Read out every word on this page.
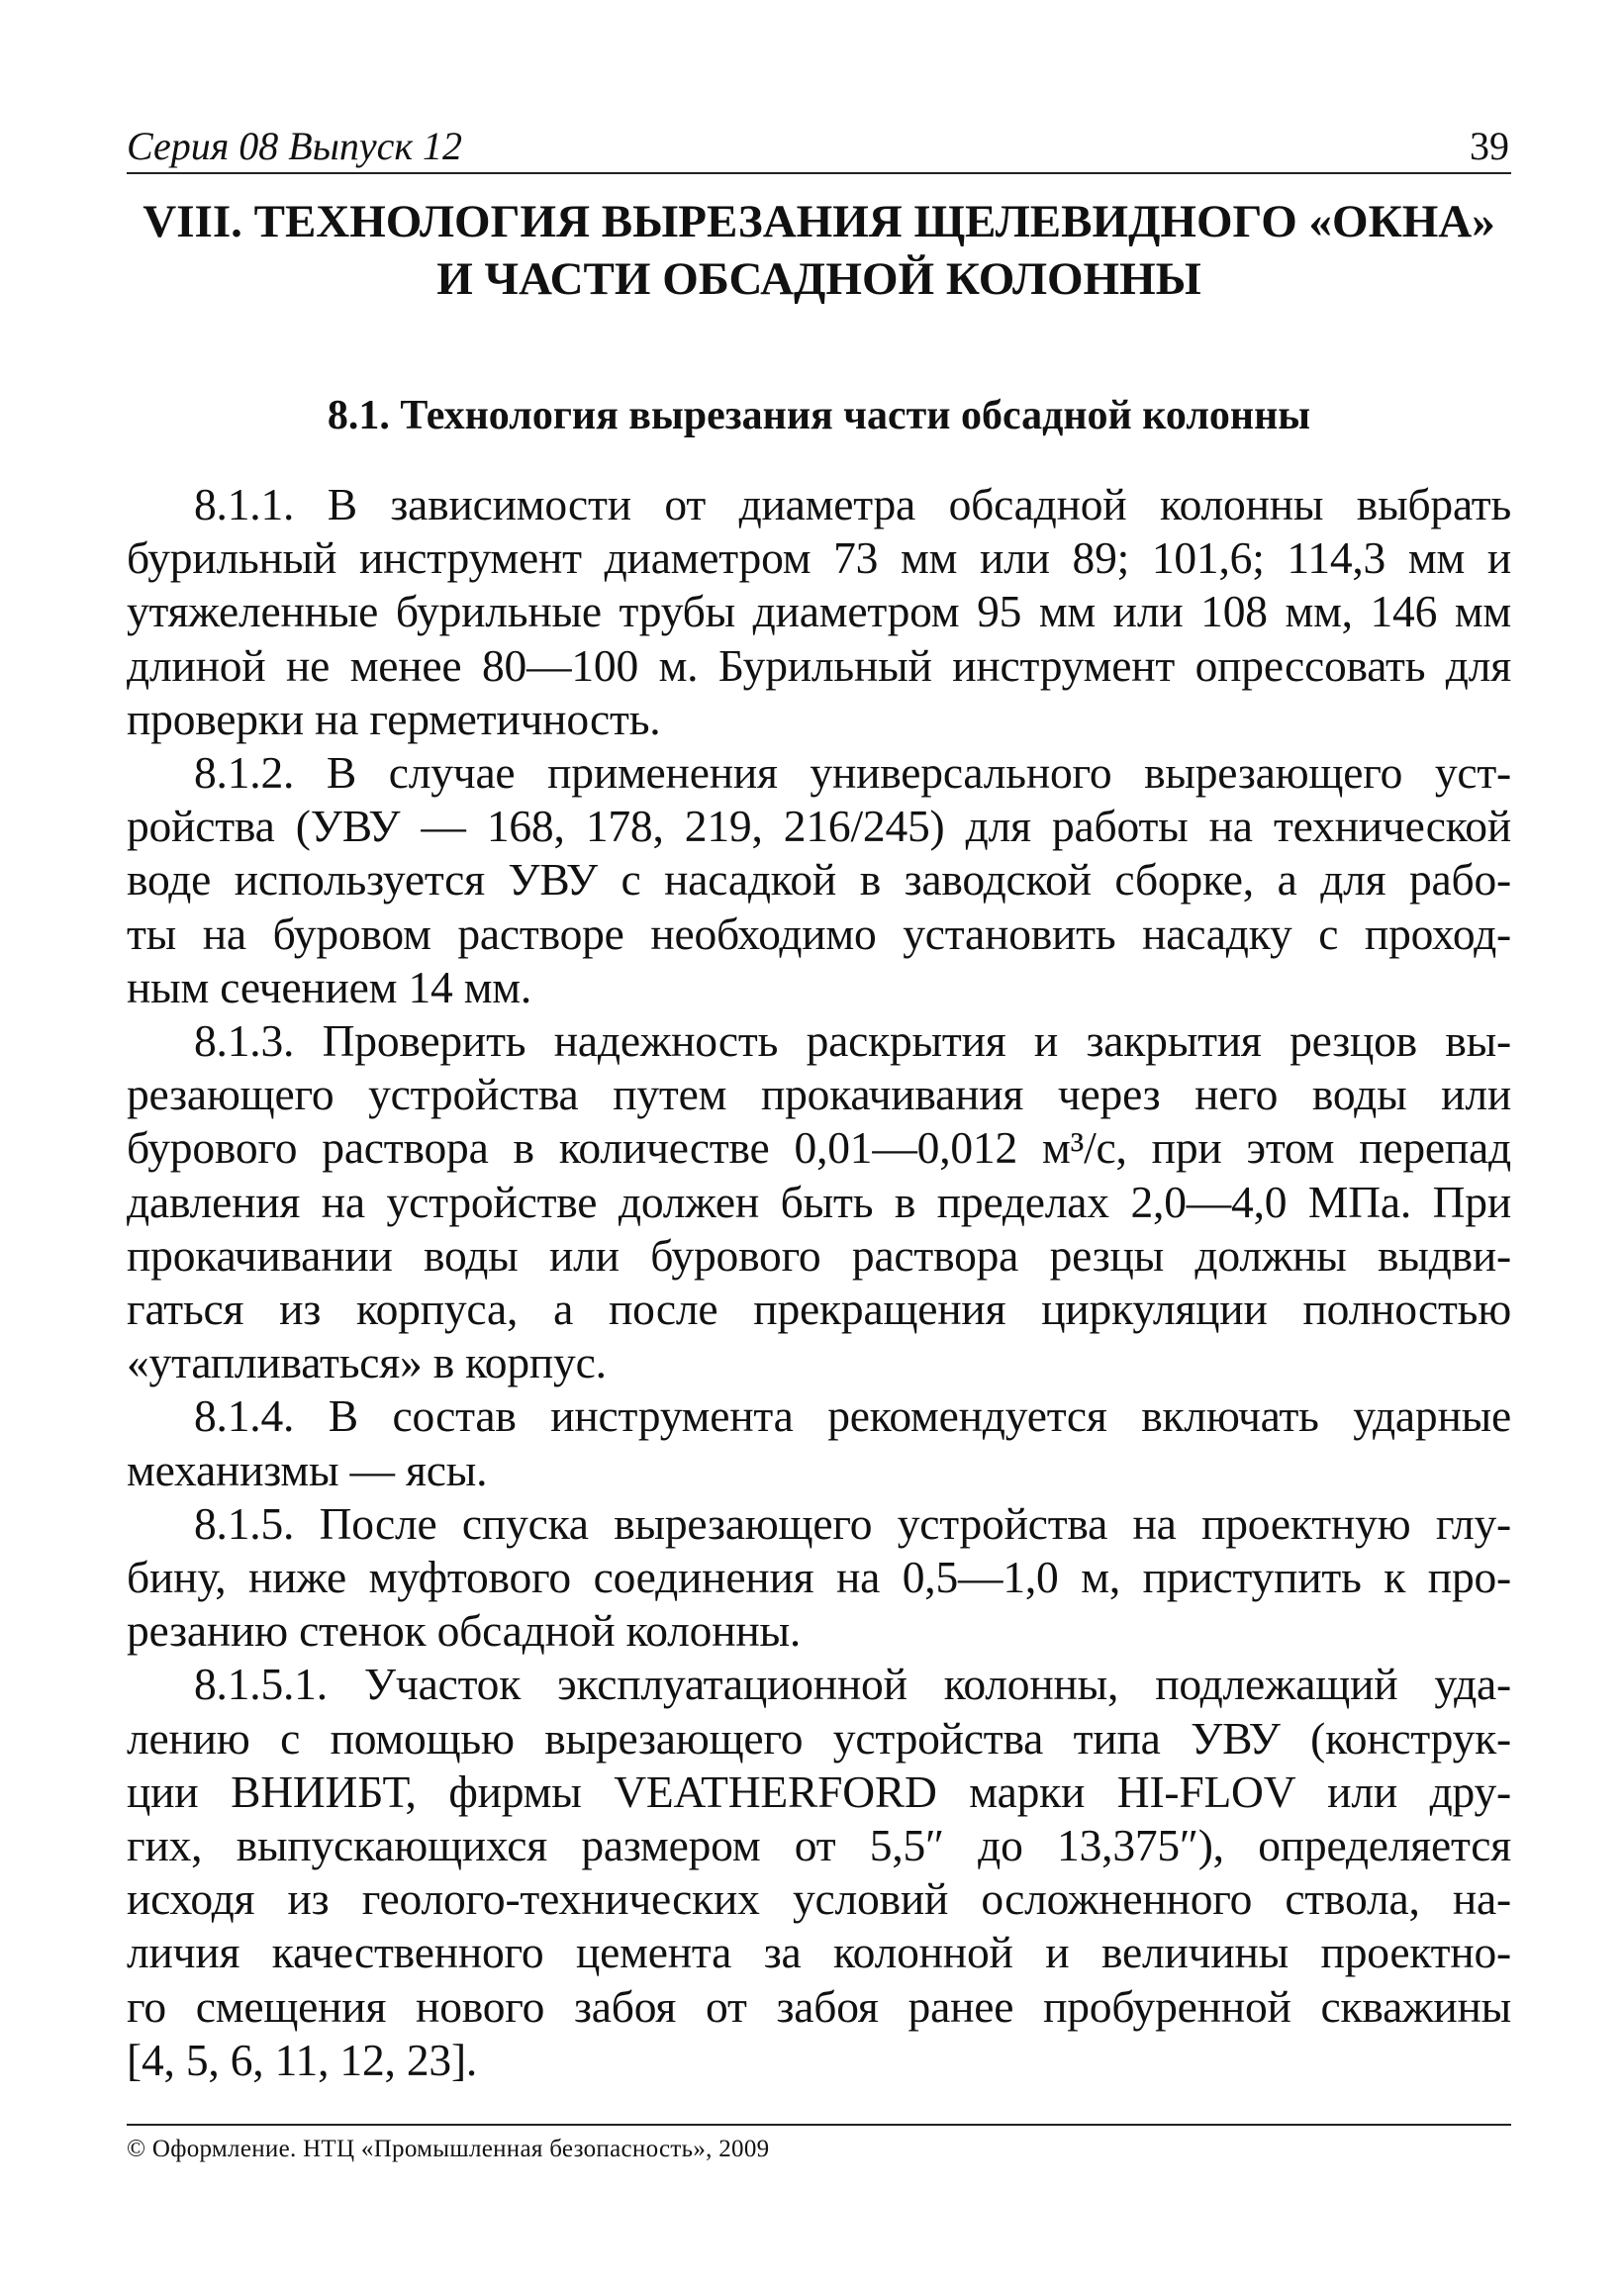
Серия 08 Выпуск 12	39
VIII. ТЕХНОЛОГИЯ ВЫРЕЗАНИЯ ЩЕЛЕВИДНОГО «ОКНА»
И ЧАСТИ ОБСАДНОЙ КОЛОННЫ
8.1. Технология вырезания части обсадной колонны

8.1.1. В зависимости от диаметра обсадной колонны выбрать
бурильный инструмент диаметром 73 мм или 89; 101,6; 114,3 мм и
утяжеленные бурильные трубы диаметром 95 мм или 108 мм, 146 мм
длиной не менее 80—100 м. Бурильный инструмент опрессовать для
проверки на герметичность.

8.1.2. В случае применения универсального вырезающего уст-
ройства (УВУ — 168, 178, 219, 216/245) для работы на технической
воде используется УВУ с насадкой в заводской сборке, а для рабо-
ты на буровом растворе необходимо установить насадку с проход-
ным сечением 14 мм.

8.1.3. Проверить надежность раскрытия и закрытия резцов вы-
резающего устройства путем прокачивания через него воды или
бурового раствора в количестве 0,01—0,012 м³/с, при этом перепад
давления на устройстве должен быть в пределах 2,0—4,0 МПа. При
прокачивании воды или бурового раствора резцы должны выдви-
гаться из корпуса, а после прекращения циркуляции полностью
«утапливаться» в корпус.

8.1.4. В состав инструмента рекомендуется включать ударные
механизмы — ясы.

8.1.5. После спуска вырезающего устройства на проектную глу-
бину, ниже муфтового соединения на 0,5—1,0 м, приступить к про-
резанию стенок обсадной колонны.

8.1.5.1. Участок эксплуатационной колонны, подлежащий уда-
лению с помощью вырезающего устройства типа УВУ (конструк-
ции ВНИИБТ, фирмы VEATHERFORD марки HI-FLOV или дру-
гих, выпускающихся размером от 5,5″ до 13,375″), определяется
исходя из геолого-технических условий осложненного ствола, на-
личия качественного цемента за колонной и величины проектно-
го смещения нового забоя от забоя ранее пробуренной скважины
[4, 5, 6, 11, 12, 23].

© Оформление. НТЦ «Промышленная безопасность», 2009
